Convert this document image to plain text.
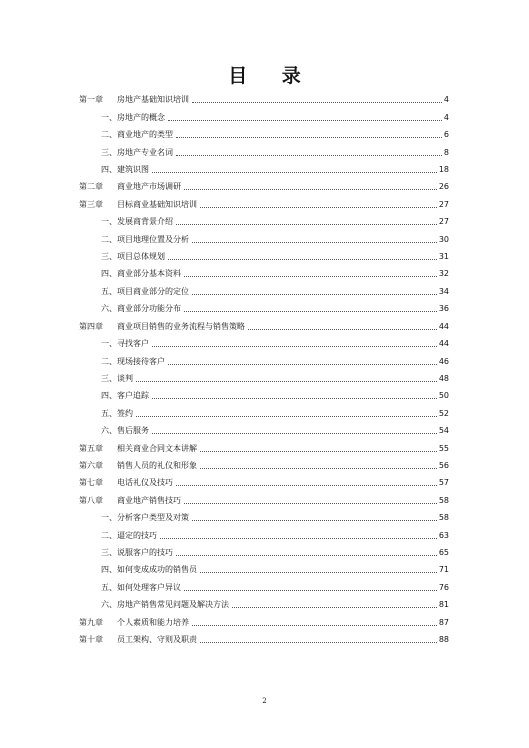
目 录
第一章	房地产基础知识培训	4
一、房地产的概念	4
二、商业地产的类型	6
三、房地产专业名词	8
四、建筑识图	18
第二章	商业地产市场调研	26
第三章	目标商业基础知识培训	27
一、发展商背景介绍	27
二、项目地理位置及分析	30
三、项目总体规划	31
四、商业部分基本资料	32
五、项目商业部分的定位	34
六、商业部分功能分布	36
第四章	商业项目销售的业务流程与销售策略	44
一、寻找客户	44
二、现场接待客户	46
三、谈判	48
四、客户追踪	50
五、签约	52
六、售后服务	54
第五章	相关商业合同文本讲解	55
第六章	销售人员的礼仪和形象	56
第七章	电话礼仪及技巧	57
第八章	商业地产销售技巧	58
一、分析客户类型及对策	58
二、逼定的技巧	63
三、说服客户的技巧	65
四、如何变成成功的销售员	71
五、如何处理客户异议	76
六、房地产销售常见问题及解决方法	81
第九章	个人素质和能力培养	87
第十章	员工架构、守则及职责	88
2
